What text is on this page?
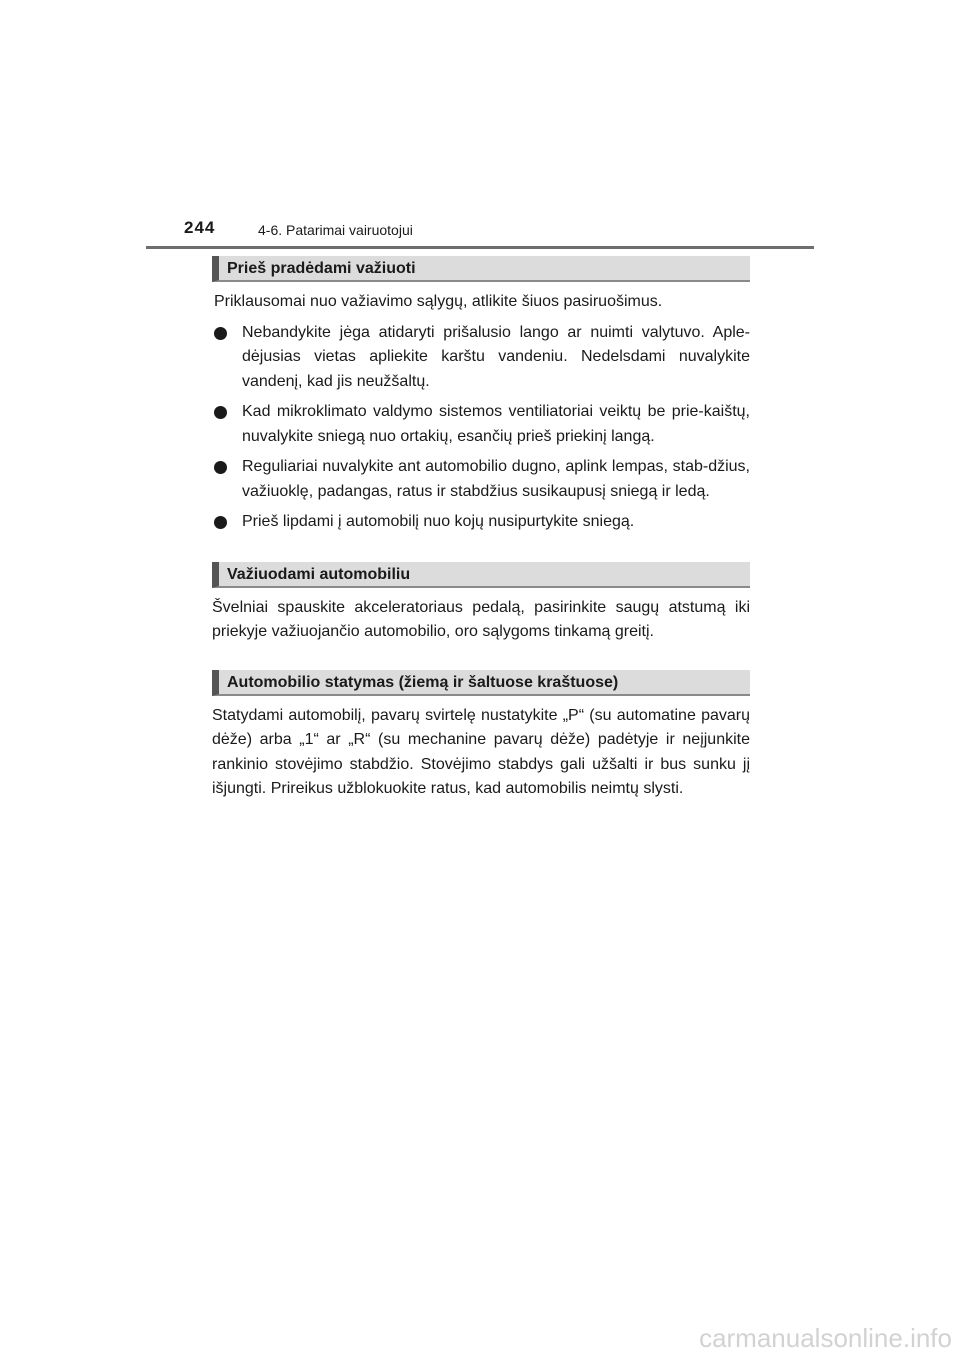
244	4-6. Patarimai vairuotojui
Prieš pradėdami važiuoti

Priklausomai nuo važiavimo sąlygų, atlikite šiuos pasiruošimus.

Nebandykite jėga atidaryti prišalusio lango ar nuimti valytuvo. Aple-dėjusias vietas apliekite karštu vandeniu. Nedelsdami nuvalykite vandenį, kad jis neužšaltų.
Kad mikroklimato valdymo sistemos ventiliatoriai veiktų be prie-kaištų, nuvalykite sniegą nuo ortakių, esančių prieš priekinį langą.
Reguliariai nuvalykite ant automobilio dugno, aplink lempas, stab-džius, važiuoklę, padangas, ratus ir stabdžius susikaupusį sniegą ir ledą.
Prieš lipdami į automobilį nuo kojų nusipurtykite sniegą.
Važiuodami automobiliu

Švelniai spauskite akceleratoriaus pedalą, pasirinkite saugų atstumą iki priekyje važiuojančio automobilio, oro sąlygoms tinkamą greitį.

Automobilio statymas (žiemą ir šaltuose kraštuose)

Statydami automobilį, pavarų svirtelę nustatykite „P“ (su automatine pavarų dėže) arba „1“ ar „R“ (su mechanine pavarų dėže) padėtyje ir neįjunkite rankinio stovėjimo stabdžio. Stovėjimo stabdys gali užšalti ir bus sunku jį išjungti. Prireikus užblokuokite ratus, kad automobilis neimtų slysti.

carmanualsonline.info
